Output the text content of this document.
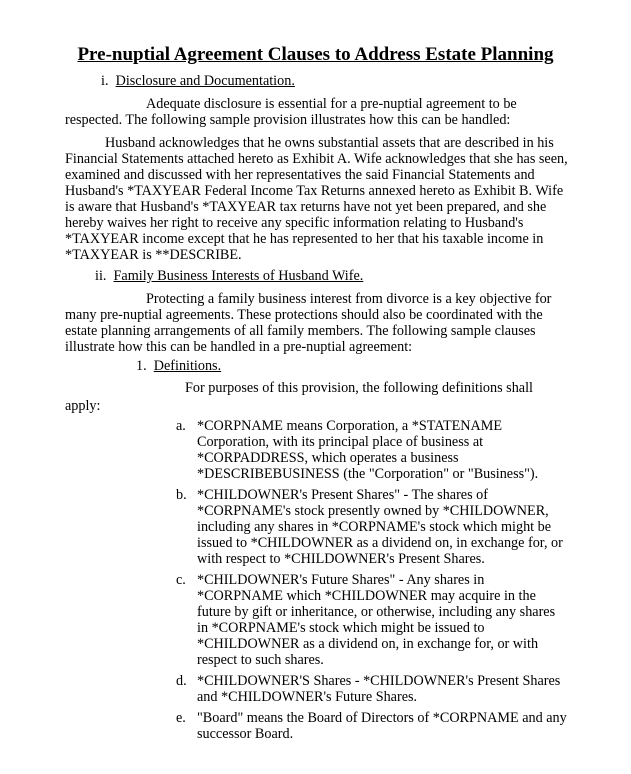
Pre-nuptial Agreement Clauses to Address Estate Planning
i. Disclosure and Documentation.
Adequate disclosure is essential for a pre-nuptial agreement to be
respected. The following sample provision illustrates how this can be handled:
Husband acknowledges that he owns substantial assets that are described in his
Financial Statements attached hereto as Exhibit A. Wife acknowledges that she has seen,
examined and discussed with her representatives the said Financial Statements and
Husband's *TAXYEAR Federal Income Tax Returns annexed hereto as Exhibit B. Wife
is aware that Husband's *TAXYEAR tax returns have not yet been prepared, and she
hereby waives her right to receive any specific information relating to Husband's
*TAXYEAR income except that he has represented to her that his taxable income in
*TAXYEAR is **DESCRIBE.
ii. Family Business Interests of Husband Wife.
Protecting a family business interest from divorce is a key objective for
many pre-nuptial agreements. These protections should also be coordinated with the
estate planning arrangements of all family members. The following sample clauses
illustrate how this can be handled in a pre-nuptial agreement:
1. Definitions.
For purposes of this provision, the following definitions shall
apply:
a. *CORPNAME means Corporation, a *STATENAME
Corporation, with its principal place of business at
*CORPADDRESS, which operates a business
*DESCRIBEBUSINESS (the "Corporation" or "Business").
b. *CHILDOWNER's Present Shares" - The shares of
*CORPNAME's stock presently owned by *CHILDOWNER,
including any shares in *CORPNAME's stock which might be
issued to *CHILDOWNER as a dividend on, in exchange for, or
with respect to *CHILDOWNER's Present Shares.
c. *CHILDOWNER's Future Shares" - Any shares in
*CORPNAME which *CHILDOWNER may acquire in the
future by gift or inheritance, or otherwise, including any shares
in *CORPNAME's stock which might be issued to
*CHILDOWNER as a dividend on, in exchange for, or with
respect to such shares.
d. *CHILDOWNER'S Shares - *CHILDOWNER's Present Shares
and *CHILDOWNER's Future Shares.
e. "Board" means the Board of Directors of *CORPNAME and any
successor Board.
